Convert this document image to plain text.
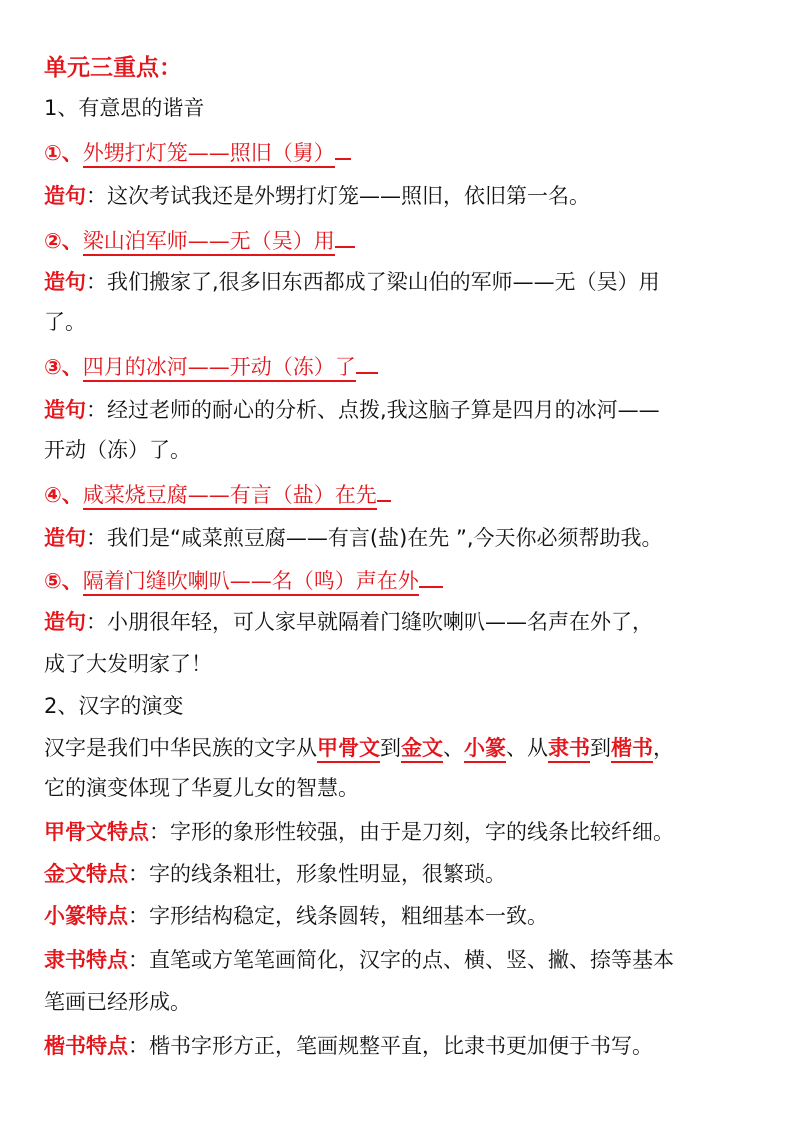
单元三重点：
1、有意思的谐音
①、外甥打灯笼——照旧（舅）
造句：这次考试我还是外甥打灯笼——照旧，依旧第一名。
②、梁山泊军师——无（吴）用
造句：我们搬家了,很多旧东西都成了梁山伯的军师——无（吴）用
了。
③、四月的冰河——开动（冻）了
造句：经过老师的耐心的分析、点拨,我这脑子算是四月的冰河——
开动（冻）了。
④、咸菜烧豆腐——有言（盐）在先
造句：我们是“咸菜煎豆腐——有言(盐)在先 ”,今天你必须帮助我。
⑤、隔着门缝吹喇叭——名（鸣）声在外
造句：小朋很年轻，可人家早就隔着门缝吹喇叭——名声在外了，
成了大发明家了！
2、汉字的演变
汉字是我们中华民族的文字从甲骨文到金文、小篆、从隶书到楷书，
它的演变体现了华夏儿女的智慧。
甲骨文特点：字形的象形性较强，由于是刀刻，字的线条比较纤细。
金文特点：字的线条粗壮，形象性明显，很繁琐。
小篆特点：字形结构稳定，线条圆转，粗细基本一致。
隶书特点：直笔或方笔笔画简化，汉字的点、横、竖、撇、捺等基本
笔画已经形成。
楷书特点：楷书字形方正，笔画规整平直，比隶书更加便于书写。
